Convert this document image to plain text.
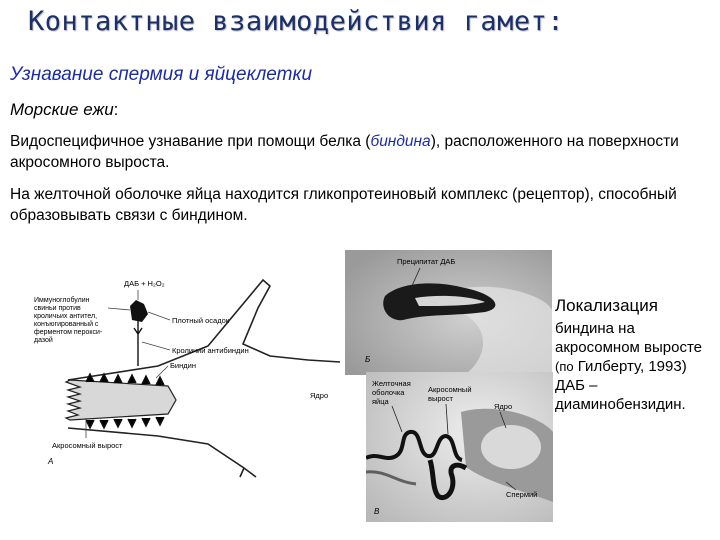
Контактные взаимодействия гамет:
Узнавание спермия и яйцеклетки
Морские ежи:
Видоспецифичное узнавание при помощи белка (биндина), расположенного на поверхности акросомного выроста.
На желточной оболочке яйца находится гликопротеиновый комплекс (рецептор), способный образовывать связи с биндином.
ДАБ + H₂O₂
Иммуноглобулин
свиньи против
кроличьих антител,
конъюгированный с
ферментом перокси-
дазой
Плотный осадок
Кроличий антибиндин
Биндин
Ядро
Акросомный вырост
А
Преципитат ДАБ
Б
Желточная
оболочка
яйца
Акросомный
вырост
Ядро
Спермий
В
Локализация
биндина на акросомном выросте (по Гилберту, 1993) ДАБ – диаминобензидин.
